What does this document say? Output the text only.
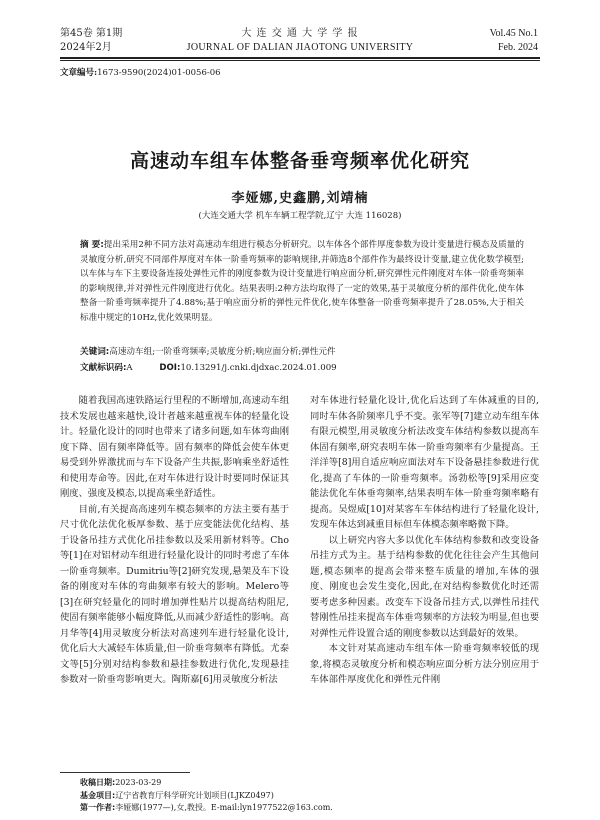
第45卷 第1期
2024年2月
大 连 交 通 大 学 学 报
JOURNAL OF DALIAN JIAOTONG UNIVERSITY
Vol.45 No.1
Feb. 2024
文章编号:1673-9590(2024)01-0056-06
高速动车组车体整备垂弯频率优化研究
李娅娜,史鑫鹏,刘靖楠
(大连交通大学 机车车辆工程学院,辽宁 大连 116028)
摘 要:提出采用2种不同方法对高速动车组进行模态分析研究。以车体各个部件厚度参数为设计变量进行模态及质量的灵敏度分析,研究不同部件厚度对车体一阶垂弯频率的影响规律,并筛选8个部件作为最终设计变量,建立优化数学模型;以车体与车下主要设备连接处弹性元件的刚度参数为设计变量进行响应面分析,研究弹性元件刚度对车体一阶垂弯频率的影响规律,并对弹性元件刚度进行优化。结果表明:2种方法均取得了一定的效果,基于灵敏度分析的部件优化,使车体整备一阶垂弯频率提升了4.88%;基于响应面分析的弹性元件优化,使车体整备一阶垂弯频率提升了28.05%,大于相关标准中规定的10Hz,优化效果明显。
关键词:高速动车组;一阶垂弯频率;灵敏度分析;响应面分析;弹性元件
文献标识码:A	DOI:10.13291/j.cnki.djdxac.2024.01.009

随着我国高速铁路运行里程的不断增加,高速动车组技术发展也越来越快,设计者越来越重视车体的轻量化设计。轻量化设计的同时也带来了诸多问题,如车体弯曲刚度下降、固有频率降低等。固有频率的降低会使车体更易受到外界激扰而与车下设备产生共振,影响乘坐舒适性和使用寿命等。因此,在对车体进行设计时要同时保证其刚度、强度及模态,以提高乘坐舒适性。

目前,有关提高高速列车模态频率的方法主要有基于尺寸优化法优化板厚参数、基于应变能法优化结构、基于设备吊挂方式优化吊挂参数以及采用新材料等。Cho等[1]在对铝材动车组进行轻量化设计的同时考虑了车体一阶垂弯频率。Dumitriu等[2]研究发现,悬架及车下设备的刚度对车体的弯曲频率有较大的影响。Melero等[3]在研究轻量化的同时增加弹性贴片以提高结构阻尼,使固有频率能够小幅度降低,从而减少舒适性的影响。高月华等[4]用灵敏度分析法对高速列车进行轻量化设计,优化后大大减轻车体质量,但一阶垂弯频率有降低。尤泰文等[5]分别对结构参数和悬挂参数进行优化,发现悬挂参数对一阶垂弯影响更大。陶斯嘉[6]用灵敏度分析法

对车体进行轻量化设计,优化后达到了车体减重的目的,同时车体各阶频率几乎不变。张军等[7]建立动车组车体有限元模型,用灵敏度分析法改变车体结构参数以提高车体固有频率,研究表明车体一阶垂弯频率有少量提高。王洋洋等[8]用自适应响应面法对车下设备悬挂参数进行优化,提高了车体的一阶垂弯频率。汤勃松等[9]采用应变能法优化车体垂弯频率,结果表明车体一阶垂弯频率略有提高。吴煜威[10]对某客车车体结构进行了轻量化设计,发现车体达到减重目标但车体模态频率略微下降。

以上研究内容大多以优化车体结构参数和改变设备吊挂方式为主。基于结构参数的优化往往会产生其他问题,模态频率的提高会带来整车质量的增加,车体的强度、刚度也会发生变化,因此,在对结构参数优化时还需要考虑多种因素。改变车下设备吊挂方式,以弹性吊挂代替刚性吊挂来提高车体垂弯频率的方法较为明显,但也要对弹性元件设置合适的刚度参数以达到最好的效果。

本文针对某高速动车组车体一阶垂弯频率较低的现象,将模态灵敏度分析和模态响应面分析方法分别应用于车体部件厚度优化和弹性元件刚

收稿日期:2023-03-29
基金项目:辽宁省教育厅科学研究计划项目(LJKZ0497)
第一作者:李娅娜(1977—),女,教授。E-mail:lyn1977522@163.com.
